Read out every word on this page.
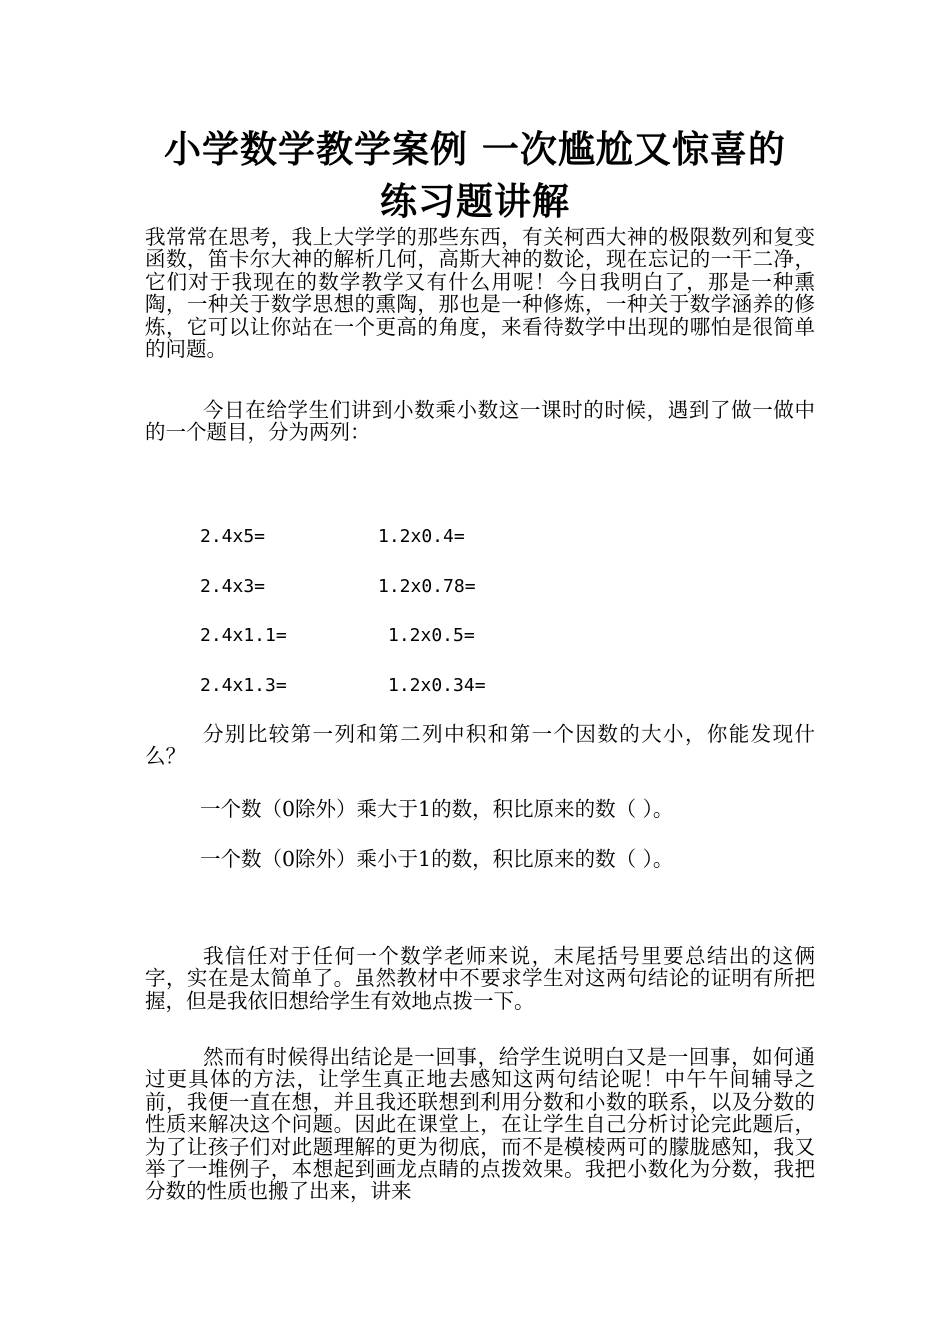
小学数学教学案例 一次尴尬又惊喜的
练习题讲解

我常常在思考，我上大学学的那些东西，有关柯西大神的极限数列和复变函数，笛卡尔大神的解析几何，高斯大神的数论，现在忘记的一干二净，它们对于我现在的数学教学又有什么用呢！今日我明白了，那是一种熏陶，一种关于数学思想的熏陶，那也是一种修炼，一种关于数学涵养的修炼，它可以让你站在一个更高的角度，来看待数学中出现的哪怕是很简单的问题。

今日在给学生们讲到小数乘小数这一课时的时候，遇到了做一做中的一个题目，分为两列：

2.4x5=	1.2x0.4=
2.4x3=	1.2x0.78=
2.4x1.1=	1.2x0.5=
2.4x1.3=	1.2x0.34=

分别比较第一列和第二列中积和第一个因数的大小，你能发现什么？

一个数（0除外）乘大于1的数，积比原来的数（ ）。
一个数（0除外）乘小于1的数，积比原来的数（ ）。

我信任对于任何一个数学老师来说，末尾括号里要总结出的这俩字，实在是太简单了。虽然教材中不要求学生对这两句结论的证明有所把握，但是我依旧想给学生有效地点拨一下。

然而有时候得出结论是一回事，给学生说明白又是一回事，如何通过更具体的方法，让学生真正地去感知这两句结论呢！中午午间辅导之前，我便一直在想，并且我还联想到利用分数和小数的联系，以及分数的性质来解决这个问题。因此在课堂上，在让学生自己分析讨论完此题后，为了让孩子们对此题理解的更为彻底，而不是模棱两可的朦胧感知，我又举了一堆例子，本想起到画龙点睛的点拨效果。我把小数化为分数，我把分数的性质也搬了出来，讲来
